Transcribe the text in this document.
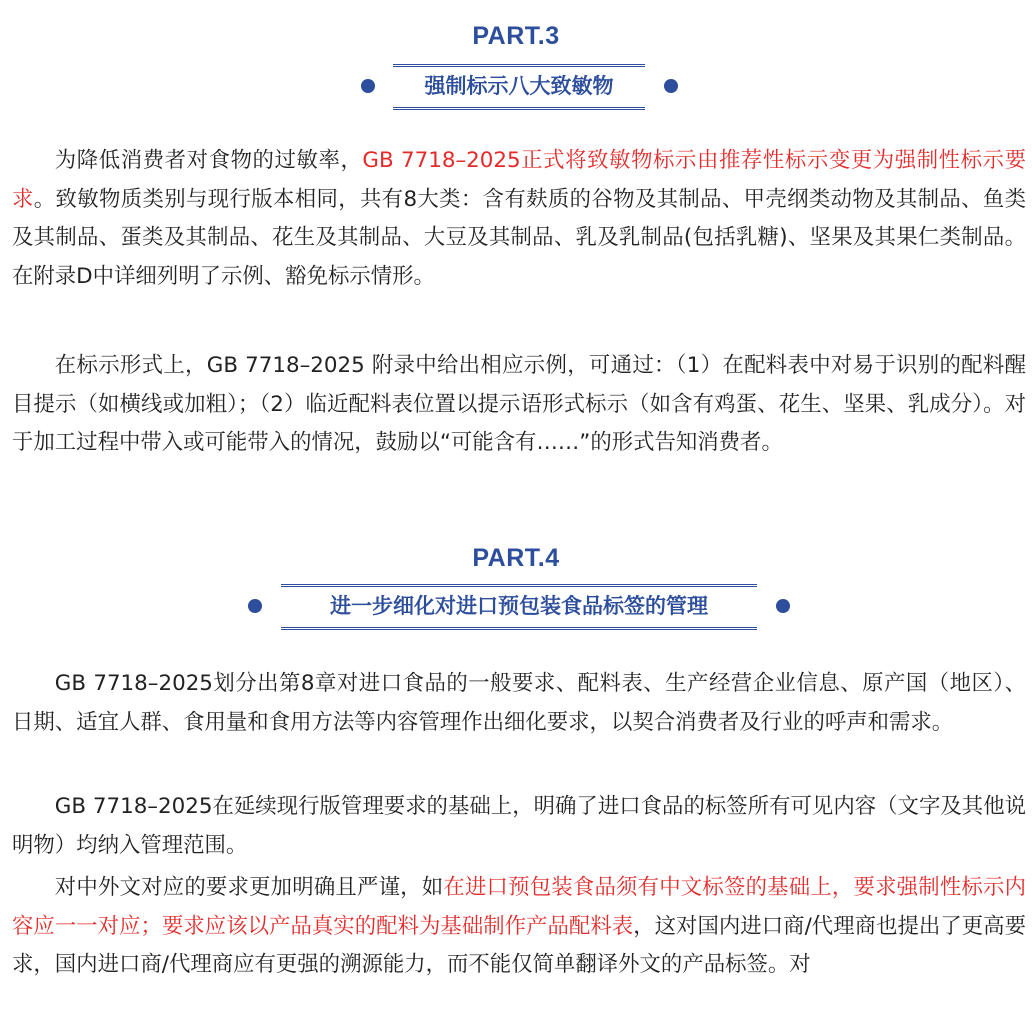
PART.3
强制标示八大致敏物

为降低消费者对食物的过敏率，GB 7718–2025正式将致敏物标示由推荐性标示变更为强制性标示要求。致敏物质类别与现行版本相同，共有8大类：含有麸质的谷物及其制品、甲壳纲类动物及其制品、鱼类及其制品、蛋类及其制品、花生及其制品、大豆及其制品、乳及乳制品(包括乳糖)、坚果及其果仁类制品。在附录D中详细列明了示例、豁免标示情形。

在标示形式上，GB 7718–2025 附录中给出相应示例，可通过：（1）在配料表中对易于识别的配料醒目提示（如横线或加粗）；（2）临近配料表位置以提示语形式标示（如含有鸡蛋、花生、坚果、乳成分）。对于加工过程中带入或可能带入的情况，鼓励以“可能含有……”的形式告知消费者。

PART.4
进一步细化对进口预包装食品标签的管理

GB 7718–2025划分出第8章对进口食品的一般要求、配料表、生产经营企业信息、原产国（地区）、日期、适宜人群、食用量和食用方法等内容管理作出细化要求，以契合消费者及行业的呼声和需求。

GB 7718–2025在延续现行版管理要求的基础上，明确了进口食品的标签所有可见内容（文字及其他说明物）均纳入管理范围。

对中外文对应的要求更加明确且严谨，如在进口预包装食品须有中文标签的基础上，要求强制性标示内容应一一对应；要求应该以产品真实的配料为基础制作产品配料表，这对国内进口商/代理商也提出了更高要求，国内进口商/代理商应有更强的溯源能力，而不能仅简单翻译外文的产品标签。对
